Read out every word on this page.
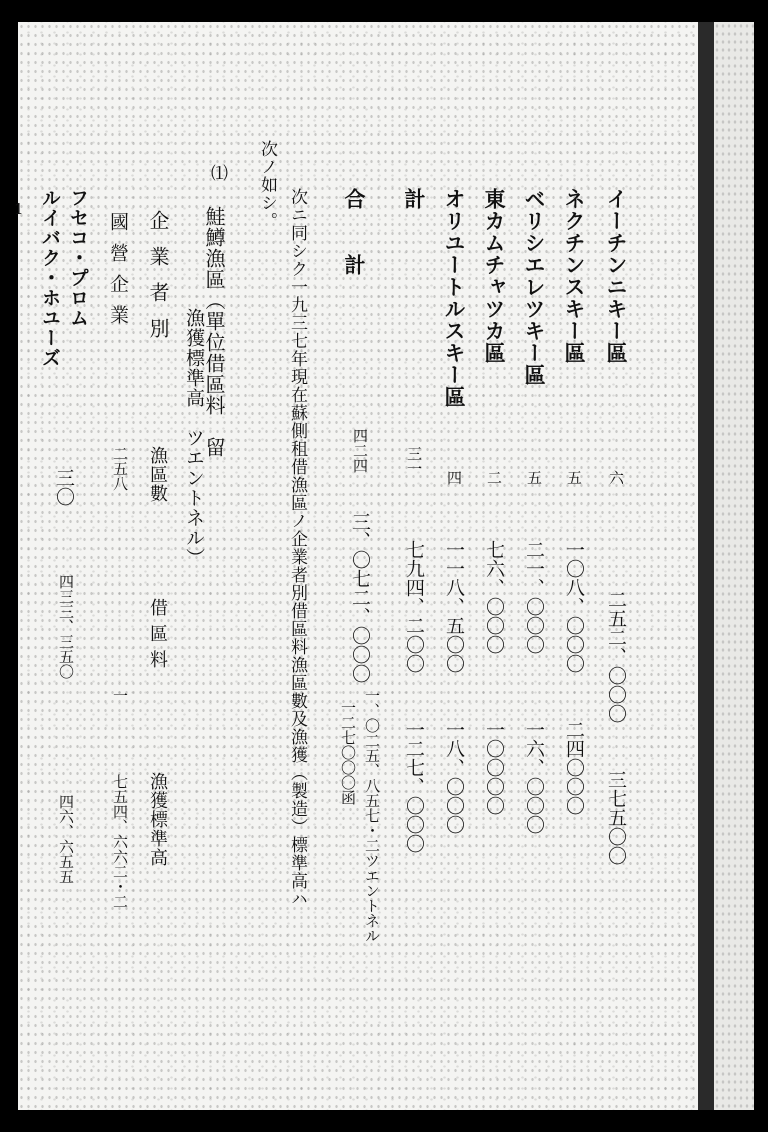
1	イーチンニキー區
六
二五二、〇〇〇
三七五〇〇
ネクチンスキー區
五
一〇八、〇〇〇
二四〇〇〇
ベリシエレツキー區
五
二一、〇〇〇
一六、〇〇〇
東カムチャツカ區
二
七六、〇〇〇
一〇〇〇〇
オリユートルスキー區
四
一一八、五〇〇
一八、〇〇〇
計
三一
七九四、二〇〇
一二七、〇〇〇
合　　計
四二四
三、〇七二、〇〇〇
一、〇二五、八五七・二ツエントネル
一二七〇〇〇函
次ニ同シク一九三七年現在蘇側租借漁區ノ企業者別借區料漁區數及漁獲（製造）標準高ハ
次ノ如シ。
⑴
鮭鱒漁區（單位借區料　留
漁獲標準高　ツエントネル）
企業者別
漁區數
借區料
漁獲標準高
國營企業
二五八
一
七五四、六六二・二
フセコ・プロム
ルイバク・ホユーズ
三〇
四三三、三五〇
四六、六五五
